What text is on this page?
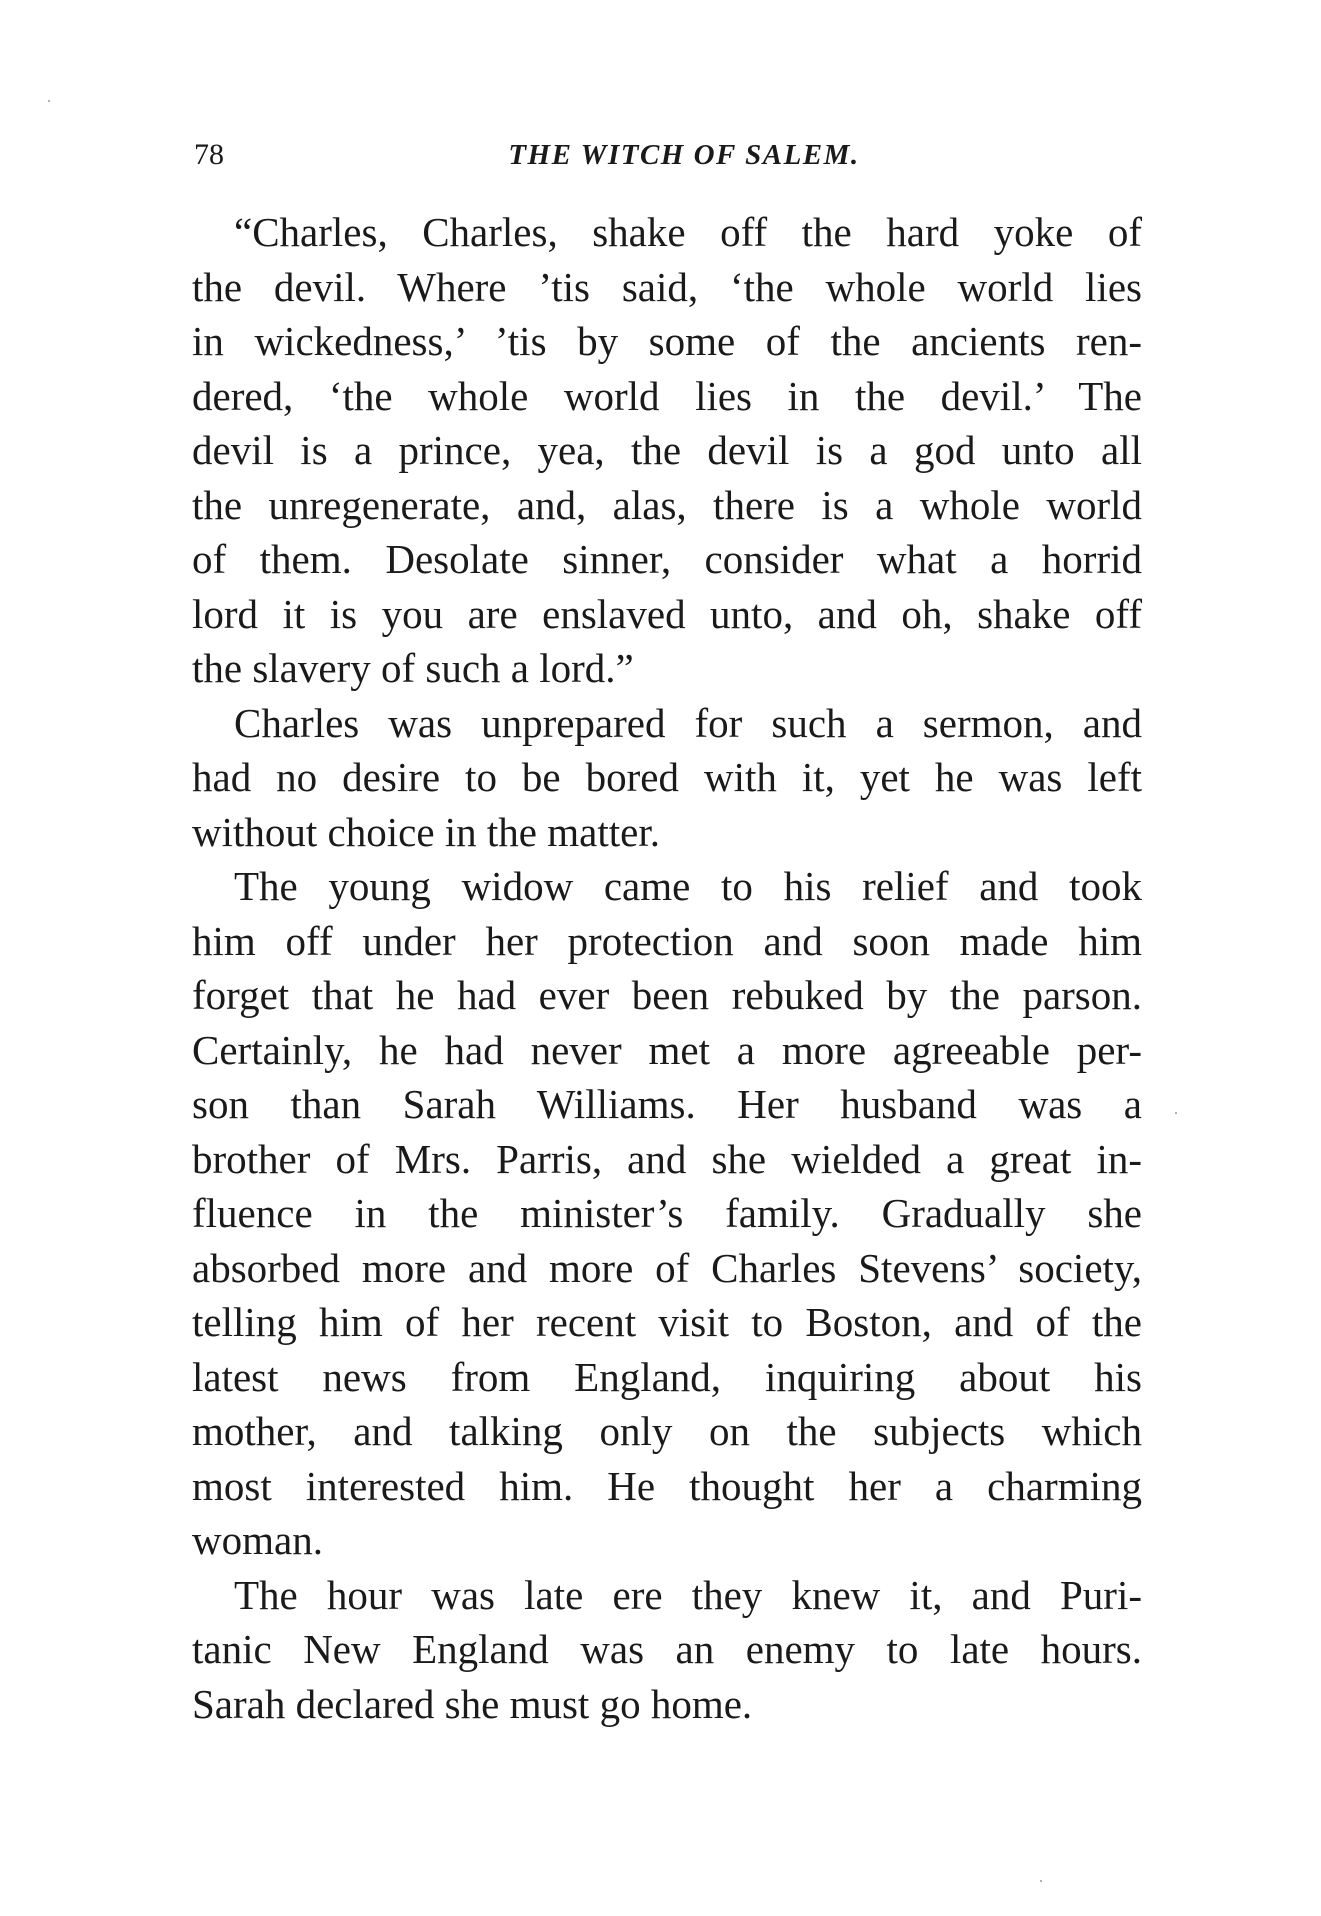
78	THE WITCH OF SALEM.

“Charles, Charles, shake off the hard yoke of
the devil. Where ’tis said, ‘the whole world lies
in wickedness,’ ’tis by some of the ancients ren-
dered, ‘the whole world lies in the devil.’ The
devil is a prince, yea, the devil is a god unto all
the unregenerate, and, alas, there is a whole world
of them. Desolate sinner, consider what a horrid
lord it is you are enslaved unto, and oh, shake off
the slavery of such a lord.”

Charles was unprepared for such a sermon, and
had no desire to be bored with it, yet he was left
without choice in the matter.

The young widow came to his relief and took
him off under her protection and soon made him
forget that he had ever been rebuked by the parson.
Certainly, he had never met a more agreeable per-
son than Sarah Williams. Her husband was a
brother of Mrs. Parris, and she wielded a great in-
fluence in the minister’s family. Gradually she
absorbed more and more of Charles Stevens’ society,
telling him of her recent visit to Boston, and of the
latest news from England, inquiring about his
mother, and talking only on the subjects which
most interested him. He thought her a charming
woman.

The hour was late ere they knew it, and Puri-
tanic New England was an enemy to late hours.
Sarah declared she must go home.
